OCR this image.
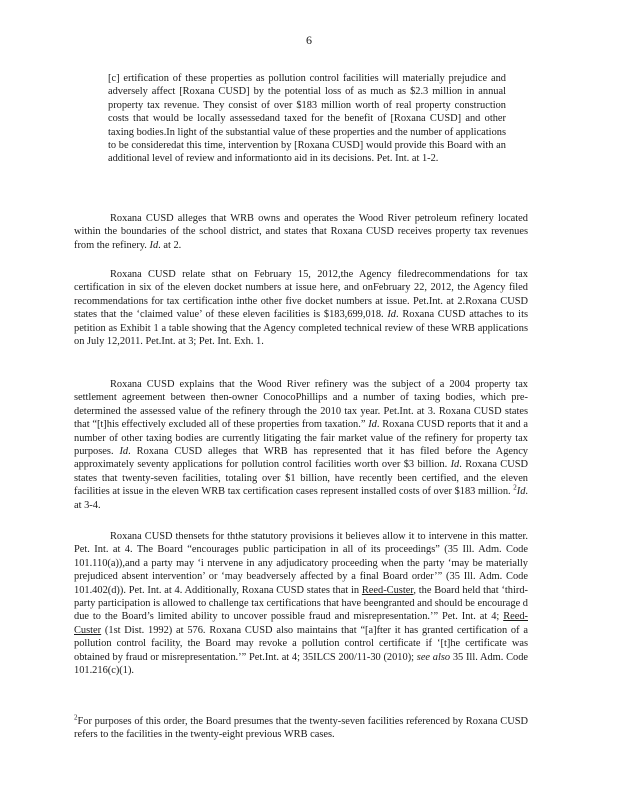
6

[c] ertification of these properties as pollution control facilities will materially prejudice and adversely affect [Roxana CUSD] by the potential loss of as much as $2.3 million in annual property tax revenue. They consist of over $183 million worth of real property construction costs that would be locally assessedand taxed for the benefit of [Roxana CUSD] and other taxing bodies.In light of the substantial value of these properties and the number of applications to be consideredat this time, intervention by [Roxana CUSD] would provide this Board with an additional level of review and informationto aid in its decisions. Pet. Int. at 1-2.

Roxana CUSD alleges that WRB owns and operates the Wood River petroleum refinery located within the boundaries of the school district, and states that Roxana CUSD receives property tax revenues from the refinery. Id. at 2.

Roxana CUSD relate sthat on February 15, 2012,the Agency filedrecommendations for tax certification in six of the eleven docket numbers at issue here, and onFebruary 22, 2012, the Agency filed recommendations for tax certification inthe other five docket numbers at issue. Pet.Int. at 2.Roxana CUSD states that the ‘claimed value’ of these eleven facilities is $183,699,018. Id. Roxana CUSD attaches to its petition as Exhibit 1 a table showing that the Agency completed technical review of these WRB applications on July 12,2011. Pet.Int. at 3; Pet. Int. Exh. 1.

Roxana CUSD explains that the Wood River refinery was the subject of a 2004 property tax settlement agreement between then-owner ConocoPhillips and a number of taxing bodies, which pre-determined the assessed value of the refinery through the 2010 tax year. Pet.Int. at 3. Roxana CUSD states that “[t]his effectively excluded all of these properties from taxation.” Id. Roxana CUSD reports that it and a number of other taxing bodies are currently litigating the fair market value of the refinery for property tax purposes. Id. Roxana CUSD alleges that WRB has represented that it has filed before the Agency approximately seventy applications for pollution control facilities worth over $3 billion. Id. Roxana CUSD states that twenty-seven facilities, totaling over $1 billion, have recently been certified, and the eleven facilities at issue in the eleven WRB tax certification cases represent installed costs of over $183 million. $^2$Id. at 3-4.

Roxana CUSD thensets for ththe statutory provisions it believes allow it to intervene in this matter. Pet. Int. at 4. The Board “encourages public participation in all of its proceedings” (35 Ill. Adm. Code 101.110(a)),and a party may ‘i ntervene in any adjudicatory proceeding when the party ‘may be materially prejudiced absent intervention’ or ‘may beadversely affected by a final Board order’” (35 Ill. Adm. Code 101.402(d)). Pet. Int. at 4. Additionally, Roxana CUSD states that in Reed-Custer, the Board held that ‘third-party participation is allowed to challenge tax certifications that have beengranted and should be encourage d due to the Board’s limited ability to uncover possible fraud and misrepresentation.’” Pet. Int. at 4; Reed-Custer (1st Dist. 1992) at 576. Roxana CUSD also maintains that “[a]fter it has granted certification of a pollution control facility, the Board may revoke a pollution control certificate if ‘[t]he certificate was obtained by fraud or misrepresentation.’” Pet.Int. at 4; 35ILCS 200/11-30 (2010); see also 35 Ill. Adm. Code 101.216(c)(1).

$^2$For purposes of this order, the Board presumes that the twenty-seven facilities referenced by Roxana CUSD refers to the facilities in the twenty-eight previous WRB cases.
